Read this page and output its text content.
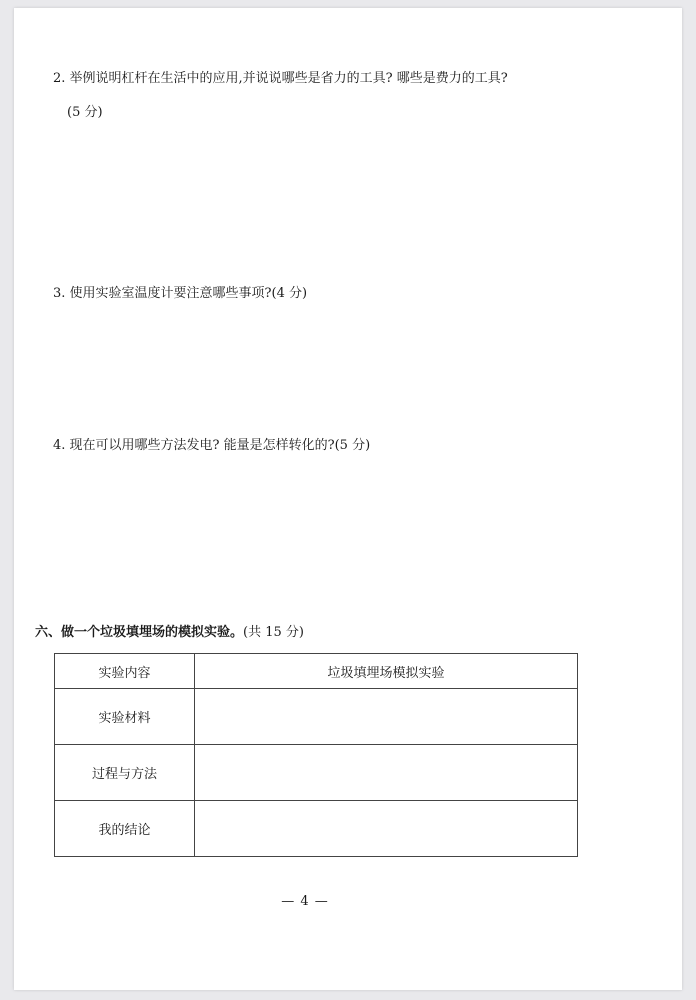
2. 举例说明杠杆在生活中的应用,并说说哪些是省力的工具? 哪些是费力的工具?
(5 分)
3. 使用实验室温度计要注意哪些事项?(4 分)
4. 现在可以用哪些方法发电? 能量是怎样转化的?(5 分)
六、做一个垃圾填埋场的模拟实验。(共 15 分)
实验内容	垃圾填埋场模拟实验
实验材料	
过程与方法	
我的结论	
— 4 —
